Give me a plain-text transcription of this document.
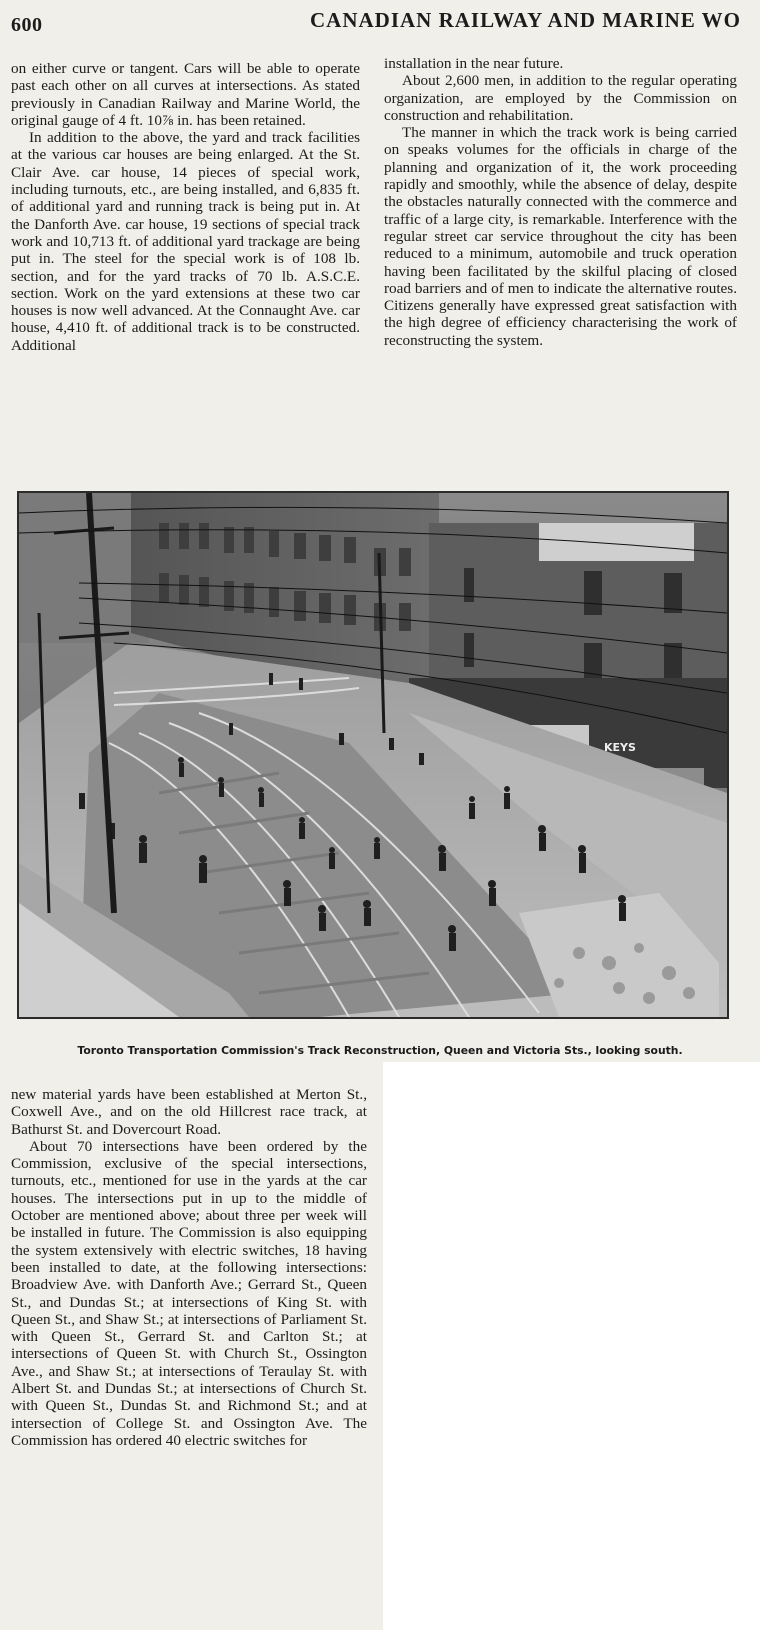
600	CANADIAN RAILWAY AND MARINE WO

on either curve or tangent. Cars will be able to operate past each other on all curves at intersections. As stated previously in Canadian Railway and Marine World, the original gauge of 4 ft. 10⅞ in. has been retained.

In addition to the above, the yard and track facilities at the various car houses are being enlarged. At the St. Clair Ave. car house, 14 pieces of special work, including turnouts, etc., are being installed, and 6,835 ft. of additional yard and running track is being put in. At the Danforth Ave. car house, 19 sections of special track work and 10,713 ft. of additional yard trackage are being put in. The steel for the special work is of 108 lb. section, and for the yard tracks of 70 lb. A.S.C.E. section. Work on the yard extensions at these two car houses is now well advanced. At the Connaught Ave. car house, 4,410 ft. of additional track is to be constructed. Additional

installation in the near future.

About 2,600 men, in addition to the regular operating organization, are employed by the Commission on construction and rehabilitation.

The manner in which the track work is being carried on speaks volumes for the officials in charge of the planning and organization of it, the work proceeding rapidly and smoothly, while the absence of delay, despite the obstacles naturally connected with the commerce and traffic of a large city, is remarkable. Interference with the regular street car service throughout the city has been reduced to a minimum, automobile and truck operation having been facilitated by the skilful placing of closed road barriers and of men to indicate the alternative routes. Citizens generally have expressed great satisfaction with the high degree of efficiency characterising the work of reconstructing the system.

KEYS
Toronto Transportation Commission's Track Reconstruction, Queen and Victoria Sts., looking south.

new material yards have been established at Merton St., Coxwell Ave., and on the old Hillcrest race track, at Bathurst St. and Dovercourt Road.

About 70 intersections have been ordered by the Commission, exclusive of the special intersections, turnouts, etc., mentioned for use in the yards at the car houses. The intersections put in up to the middle of October are mentioned above; about three per week will be installed in future. The Commission is also equipping the system extensively with electric switches, 18 having been installed to date, at the following intersections: Broadview Ave. with Danforth Ave.; Gerrard St., Queen St., and Dundas St.; at intersections of King St. with Queen St., and Shaw St.; at intersections of Parliament St. with Queen St., Gerrard St. and Carlton St.; at intersections of Queen St. with Church St., Ossington Ave., and Shaw St.; at intersections of Teraulay St. with Albert St. and Dundas St.; at intersections of Church St. with Queen St., Dundas St. and Richmond St.; and at intersection of College St. and Ossington Ave. The Commission has ordered 40 electric switches for
